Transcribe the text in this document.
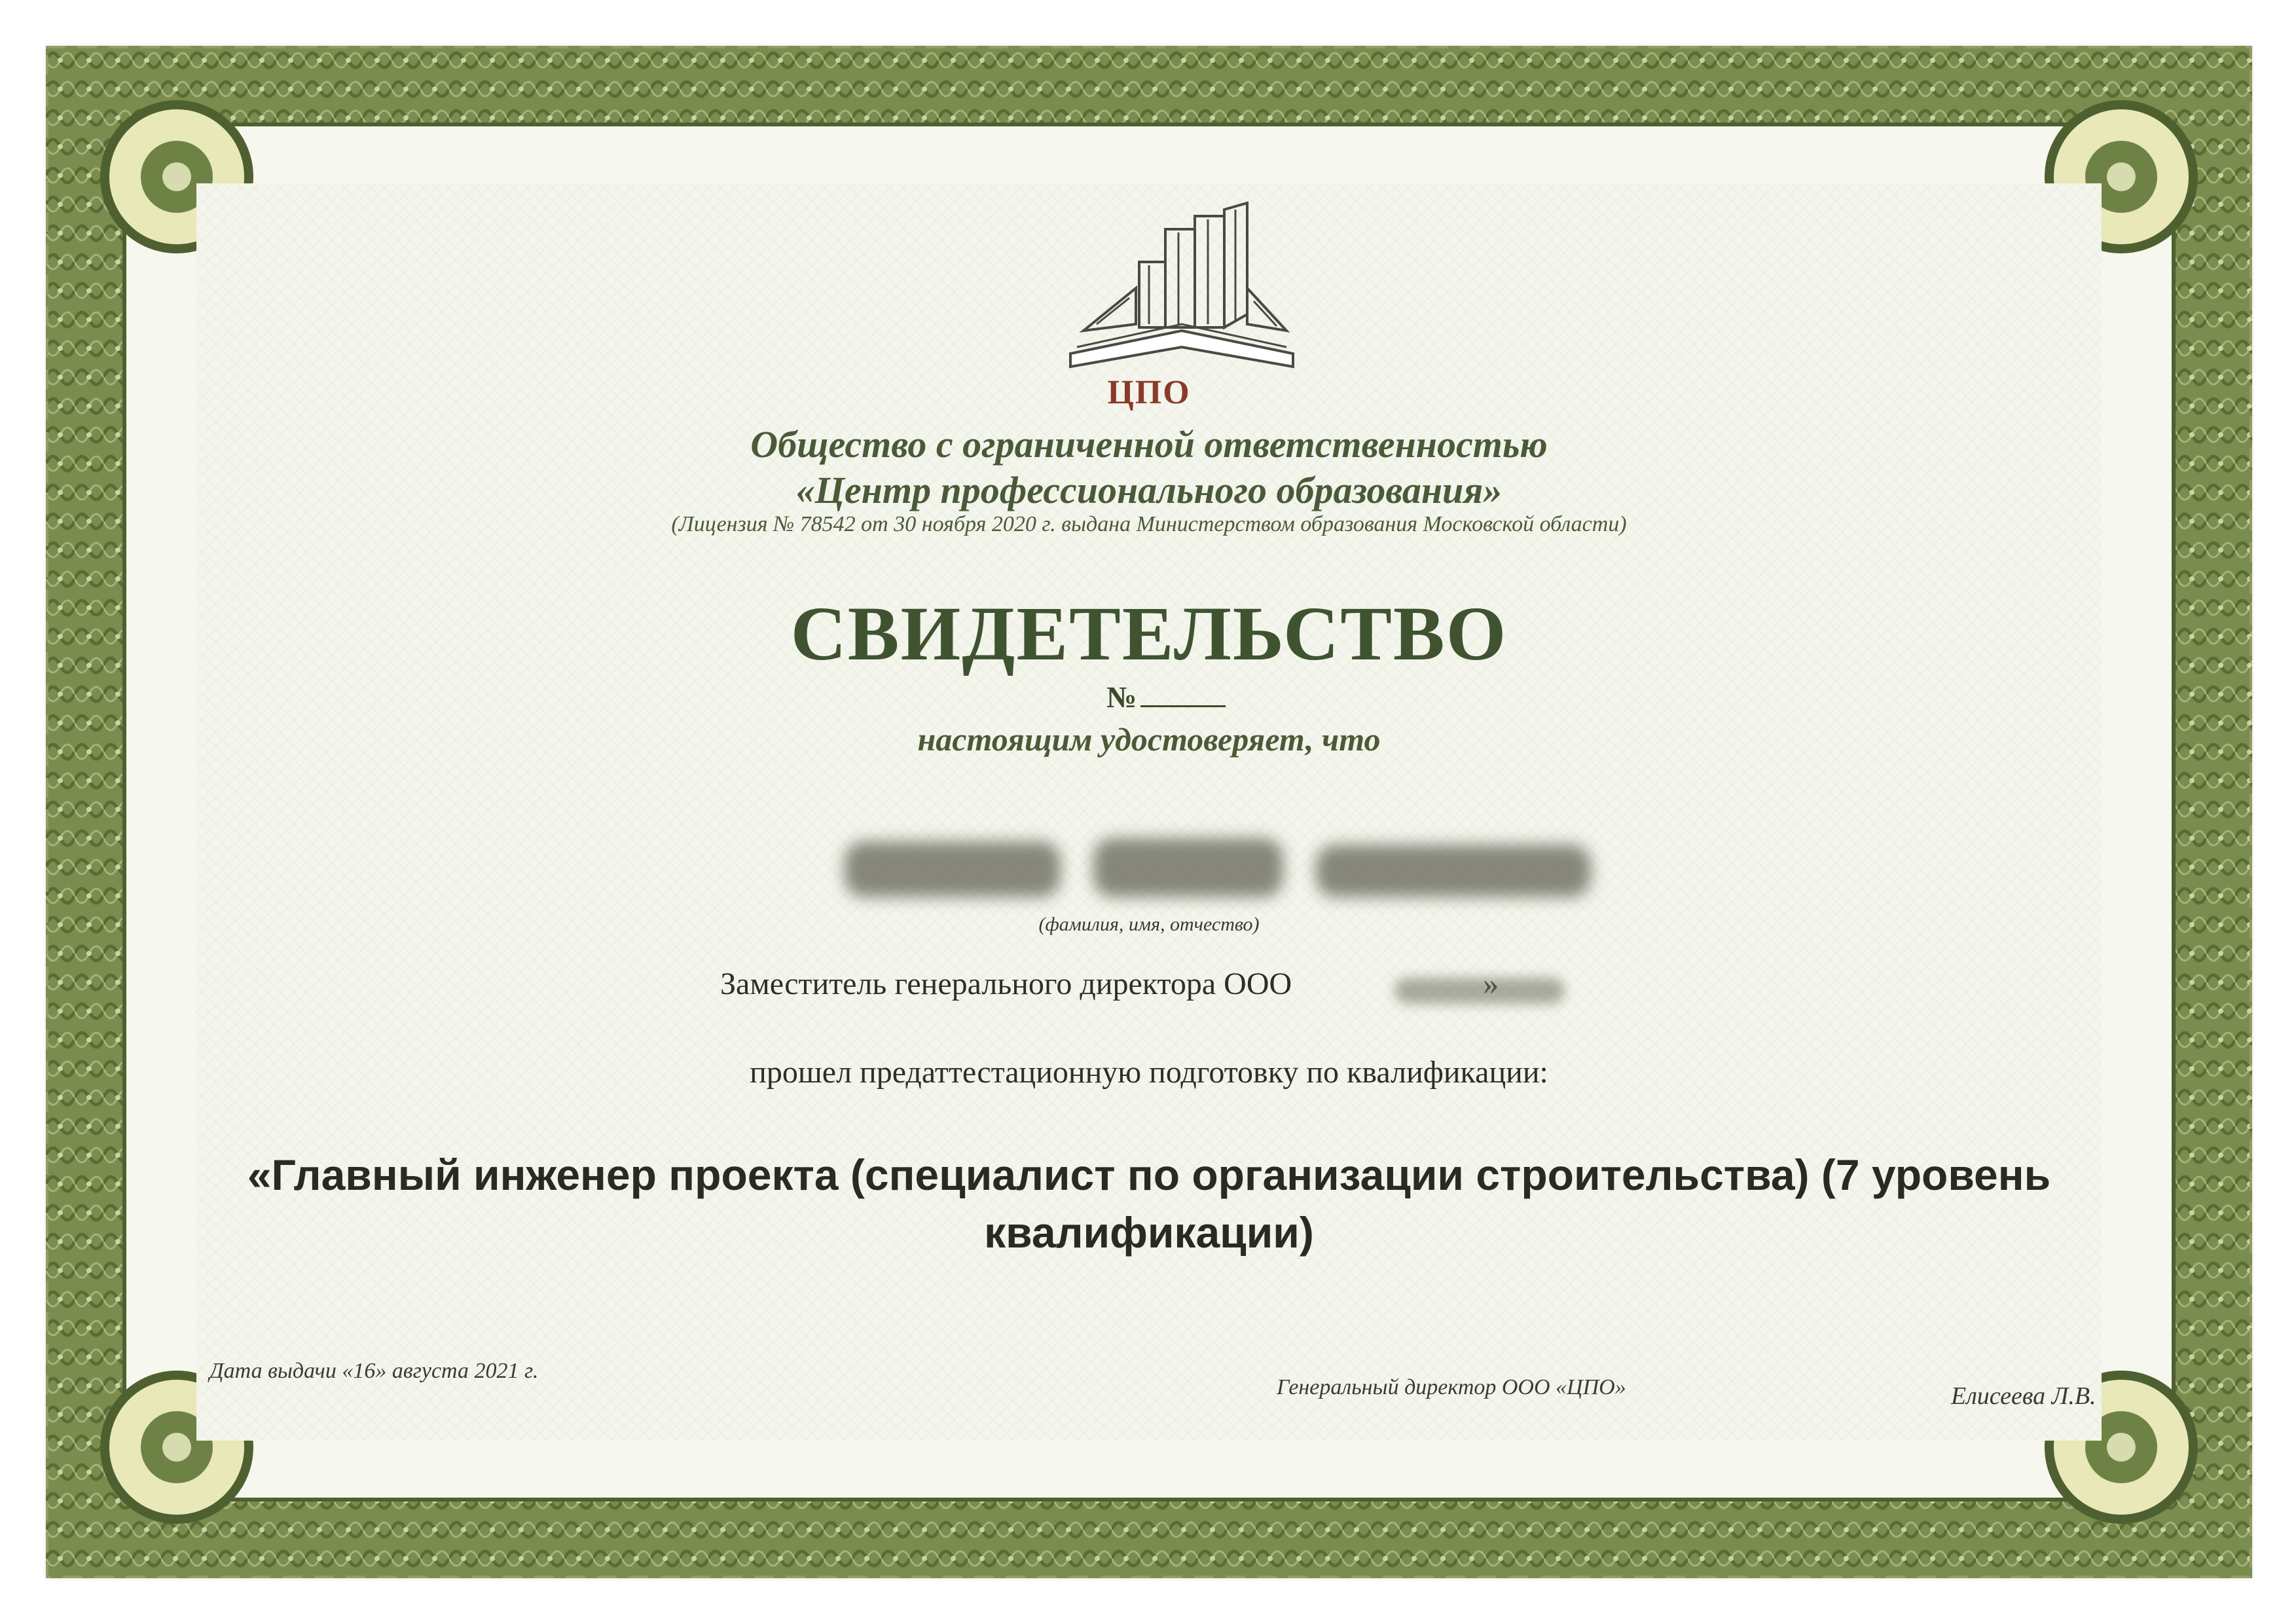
ЦПО
Общество с ограниченной ответственностью
«Центр профессионального образования»
(Лицензия № 78542 от 30 ноября 2020 г. выдана Министерством образования Московской области)
СВИДЕТЕЛЬСТВО
№
настоящим удостоверяет, что
(фамилия, имя, отчество)
Заместитель генерального директора ООО
прошел предаттестационную подготовку по квалификации:
«Главный инженер проекта (специалист по организации строительства) (7 уровень квалификации)
Дата выдачи «16» августа 2021 г.
Генеральный директор ООО «ЦПО»	Елисеева Л.В.
